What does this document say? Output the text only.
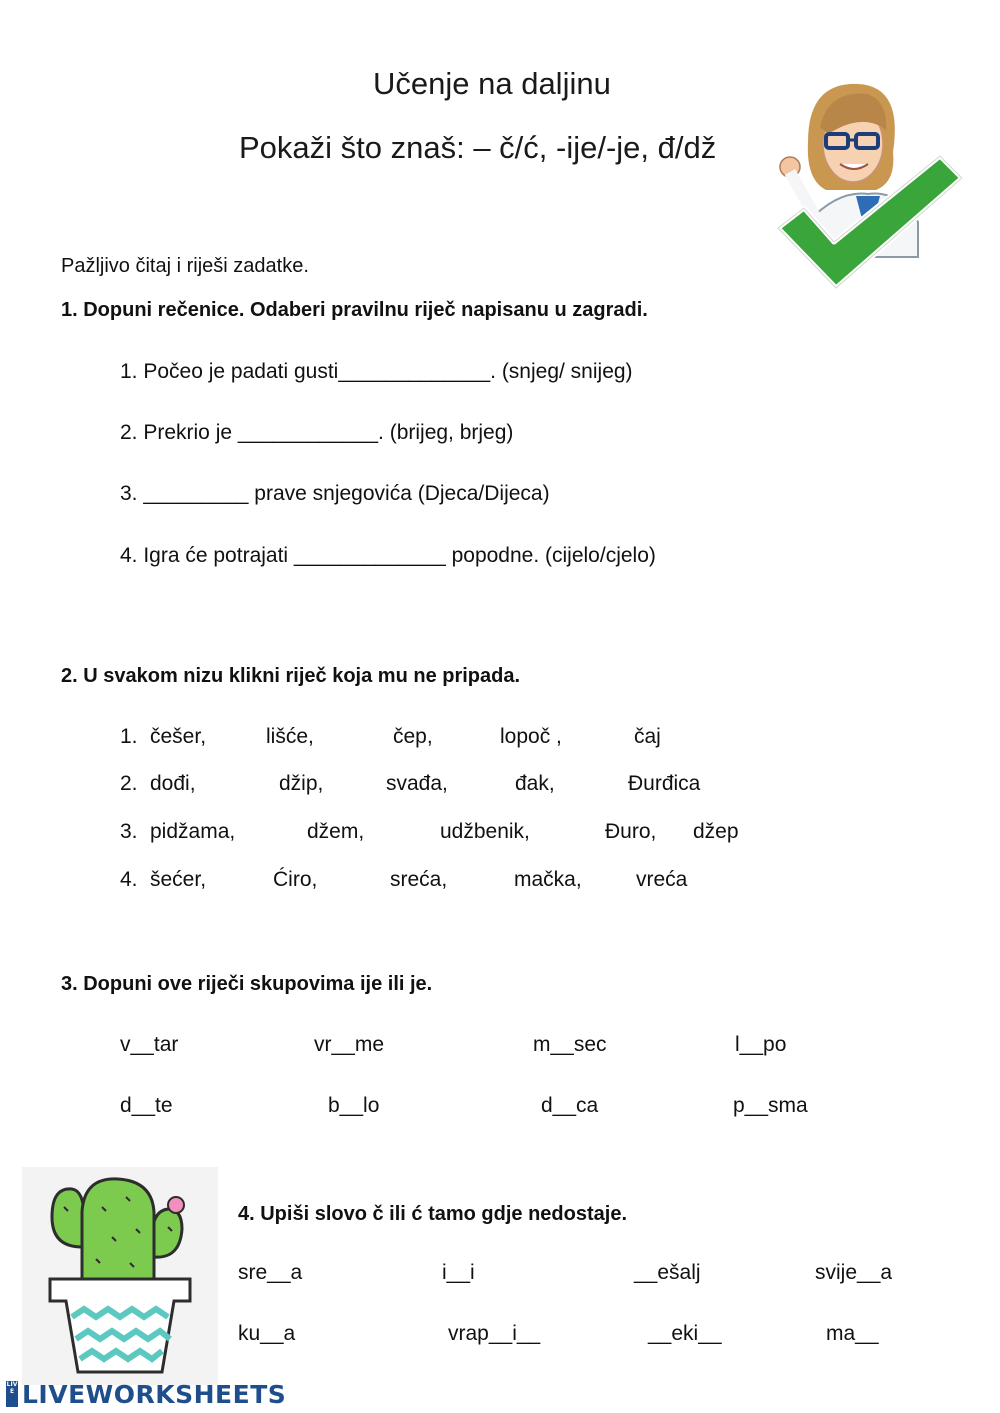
Učenje na daljinu
Pokaži što znaš: – č/ć, -ije/-je, đ/dž
Pažljivo čitaj i riješi zadatke.
1. Dopuni rečenice. Odaberi pravilnu riječ napisanu u zagradi.
1. Počeo je padati gusti_____________. (snjeg/ snijeg)
2. Prekrio je ____________. (brijeg, brjeg)
3. _________ prave snjegovića (Djeca/Dijeca)
4. Igra će potrajati _____________ popodne. (cijelo/cjelo)
2. U svakom nizu klikni riječ koja mu ne pripada.
1. češer,	lišće,	čep,	lopoč ,	čaj
2. dođi,	džip,	svađa,	đak,	Đurđica
3. pidžama,	džem,	udžbenik,	Đuro, džep
4. šećer,	Ćiro,	sreća,	mačka,	vreća
3. Dopuni ove riječi skupovima ije ili je.
v__tar	vr__me	m__sec	l__po
d__te	b__lo	d__ca	p__sma
4. Upiši slovo č ili ć tamo gdje nedostaje.
sre__a	i__i	__ešalj	svije__a
ku__a	vrap__i__	__eki__	ma__
LIVE LIVEWORKSHEETS
